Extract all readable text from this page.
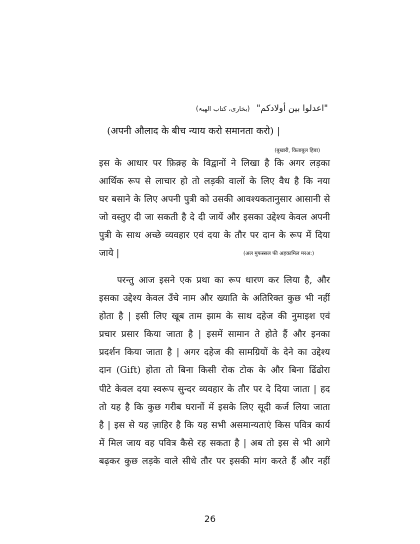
"اعدلوا بين أولادكم" (بخاری، کتاب الھبۃ)
(अपनी औलाद के बीच न्याय करो समानता करो) |
(बुखारी, किताबुल हिबा)
इस के आधार पर फ़िक़्ह के विद्वानों ने लिखा है कि अगर लड़का
आर्थिक रूप से लाचार हो तो लड़की वालों के लिए वैध है कि नया
घर बसाने के लिए अपनी पुत्री को उसकी आवश्यकतानुसार आसानी से
जो वस्तुए दी जा सकती है दे दी जायें और इसका उद्देश्य केवल अपनी
पुत्री के साथ अच्छे व्यवहार एवं दया के तौर पर दान के रूप में दिया
जाये |	(अल मुफस्सल फी अहकामिल मरअ:)
परन्तु आज इसने एक प्रथा का रूप धारण कर लिया है, और
इसका उद्देश्य केवल उँचे नाम और ख्याति के अतिरिक्त कुछ भी नहीं
होता है | इसी लिए खूब ताम झाम के साथ दहेज की नुमाइश एवं
प्रचार प्रसार किया जाता है | इसमें सामान ते होते हैं और इनका
प्रदर्शन किया जाता है | अगर दहेज की सामग्रियों के देने का उद्देश्य
दान (Gift) होता तो बिना किसी रोक टोक के और बिना ढिंढोरा
पीटे केवल दया स्वरूप सुन्दर व्यवहार के तौर पर दे दिया जाता | हद
तो यह है कि कुछ गरीब घरानों में इसके लिए सूदी कर्ज लिया जाता
है | इस से यह ज़ाहिर है कि यह सभी असमान्यताएं किस पवित्र कार्य
में मिल जाय वह पवित्र कैसे रह सकता है | अब तो इस से भी आगे
बढ़कर कुछ लड़के वाले सीधे तौर पर इसकी मांग करते हैं और नहीं
26
